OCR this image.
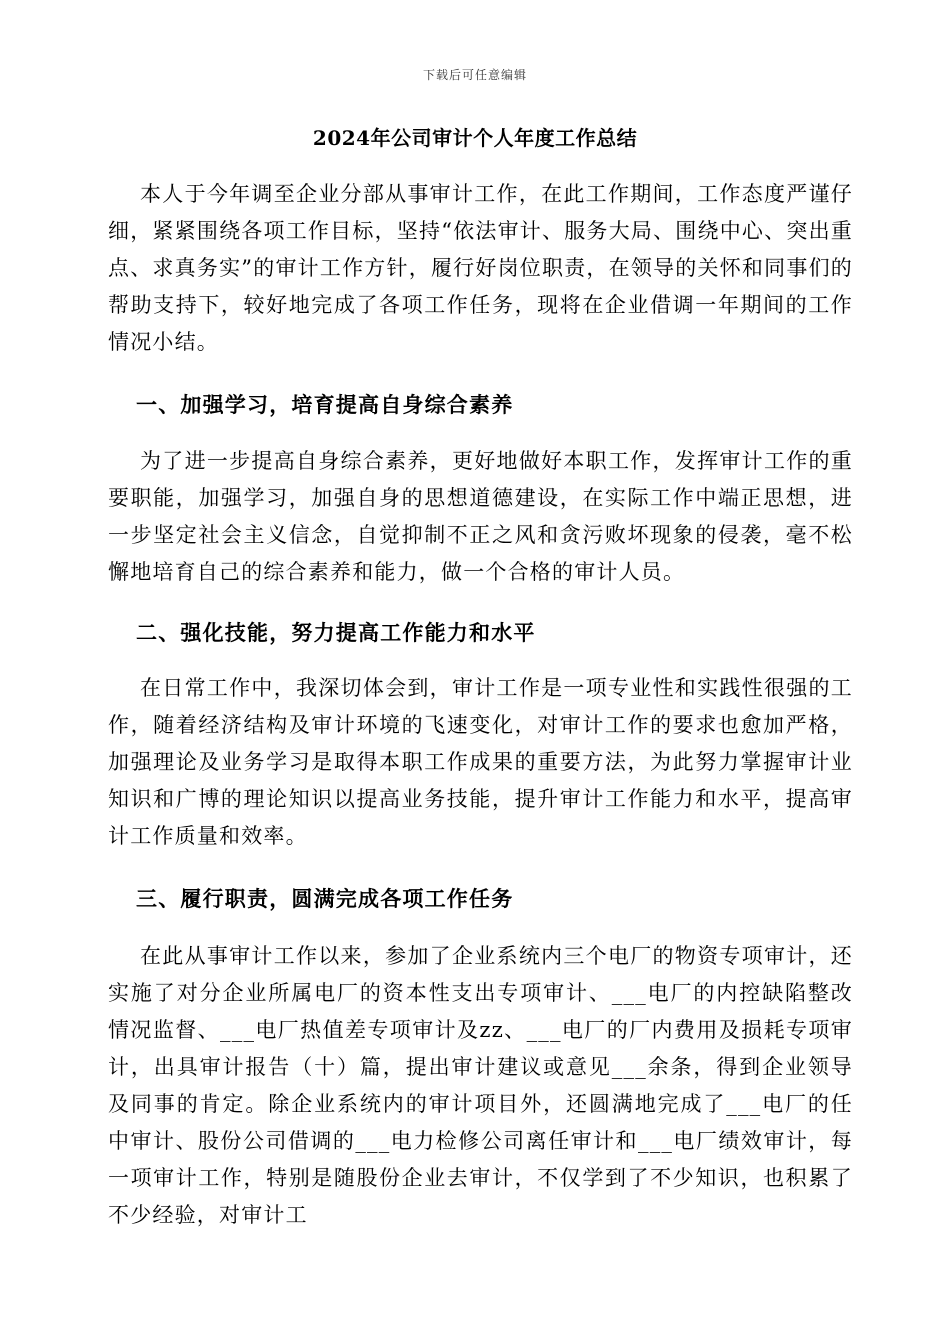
下载后可任意编辑
2024年公司审计个人年度工作总结

本人于今年调至企业分部从事审计工作，在此工作期间，工作态度严谨仔细，紧紧围绕各项工作目标，坚持“依法审计、服务大局、围绕中心、突出重点、求真务实”的审计工作方针，履行好岗位职责，在领导的关怀和同事们的帮助支持下，较好地完成了各项工作任务，现将在企业借调一年期间的工作情况小结。

一、加强学习，培育提高自身综合素养

为了进一步提高自身综合素养，更好地做好本职工作，发挥审计工作的重要职能，加强学习，加强自身的思想道德建设，在实际工作中端正思想，进一步坚定社会主义信念，自觉抑制不正之风和贪污败坏现象的侵袭，毫不松懈地培育自己的综合素养和能力，做一个合格的审计人员。

二、强化技能，努力提高工作能力和水平

在日常工作中，我深切体会到，审计工作是一项专业性和实践性很强的工作，随着经济结构及审计环境的飞速变化，对审计工作的要求也愈加严格，加强理论及业务学习是取得本职工作成果的重要方法，为此努力掌握审计业知识和广博的理论知识以提高业务技能，提升审计工作能力和水平，提高审计工作质量和效率。

三、履行职责，圆满完成各项工作任务

在此从事审计工作以来，参加了企业系统内三个电厂的物资专项审计，还实施了对分企业所属电厂的资本性支出专项审计、___电厂的内控缺陷整改情况监督、___电厂热值差专项审计及zz、___电厂的厂内费用及损耗专项审计，出具审计报告（十）篇，提出审计建议或意见___余条，得到企业领导及同事的肯定。除企业系统内的审计项目外，还圆满地完成了___电厂的任中审计、股份公司借调的___电力检修公司离任审计和___电厂绩效审计，每一项审计工作，特别是随股份企业去审计，不仅学到了不少知识，也积累了不少经验，对审计工
